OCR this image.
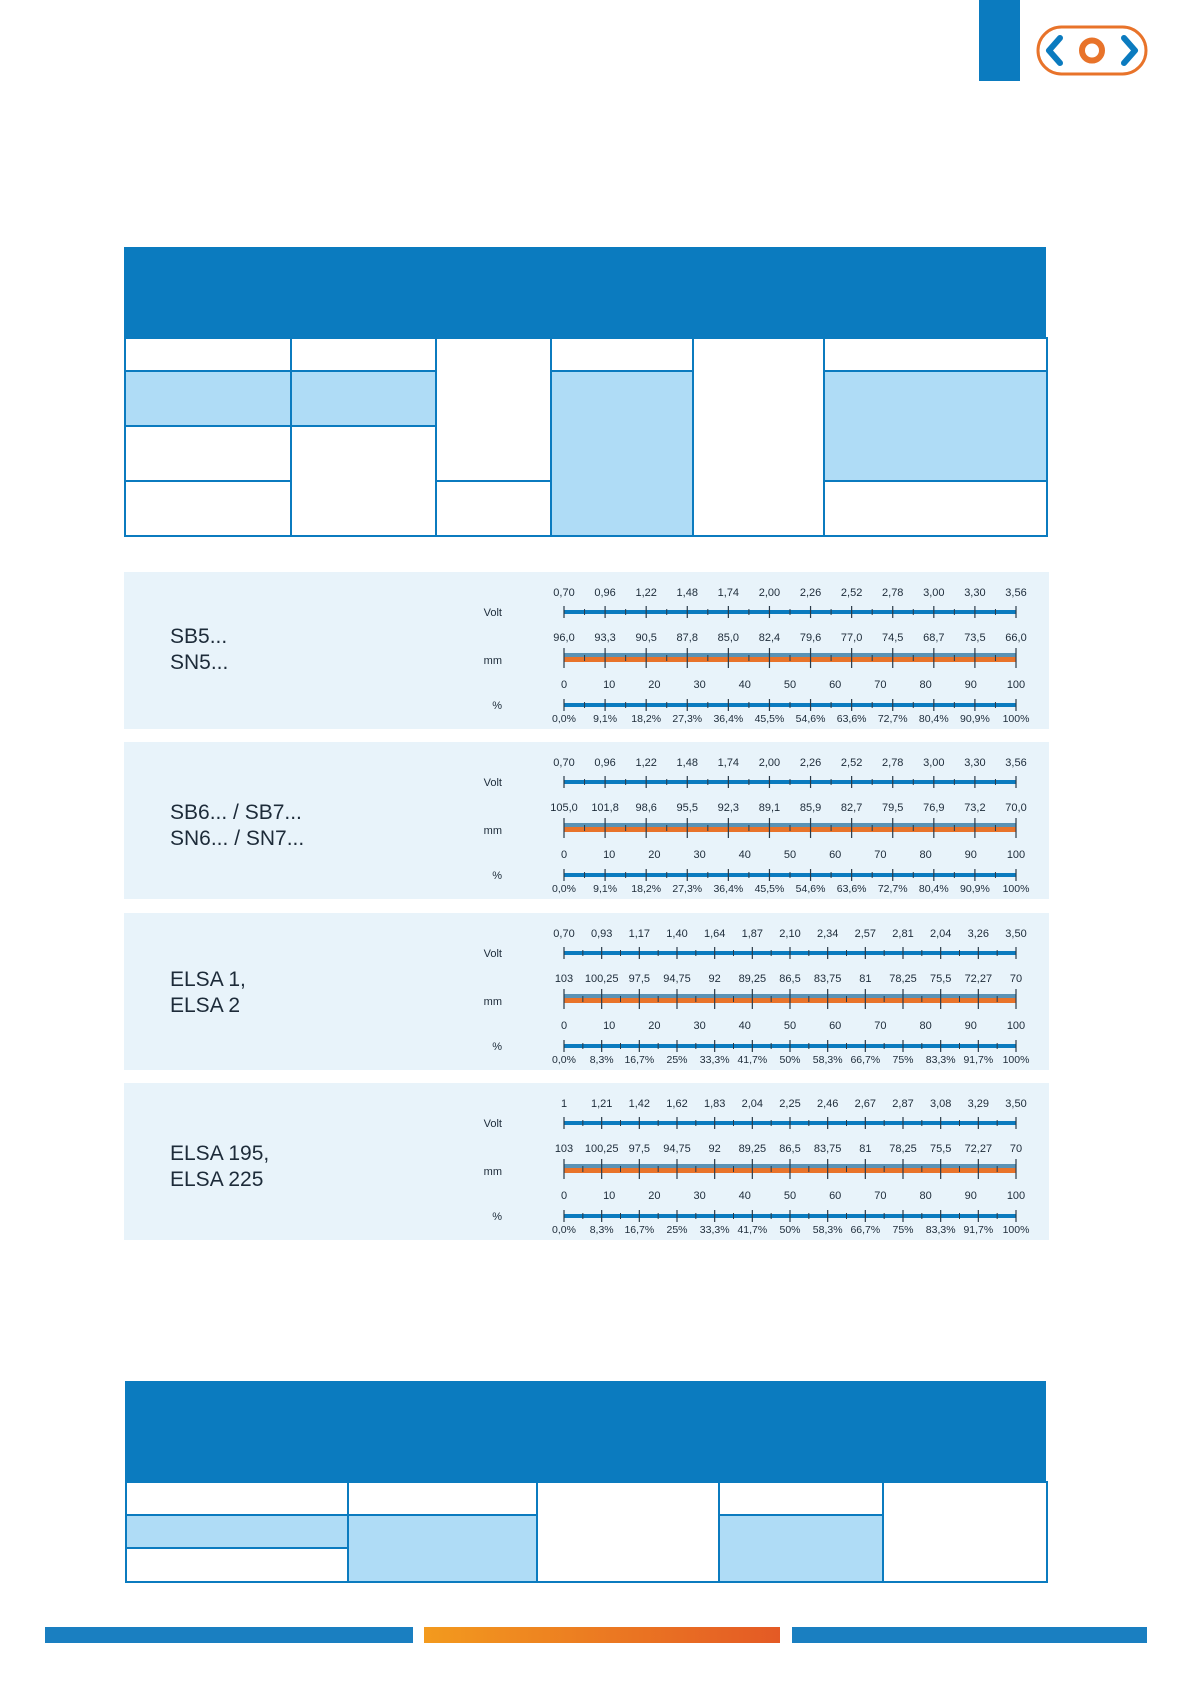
SB5...
SN5...
Volt
mm
%
0,70 0,96 1,22 1,48 1,74 2,00 2,26 2,52 2,78 3,00 3,30 3,56
96,0 93,3 90,5 87,8 85,0 82,4 79,6 77,0 74,5 68,7 73,5 66,0
0	10	20	30	40	50	60	70	80	90	100
0,0% 9,1% 18,2% 27,3% 36,4% 45,5% 54,6% 63,6% 72,7% 80,4% 90,9% 100%
SB6... / SB7...
SN6... / SN7...
Volt
mm
%
0,70 0,96 1,22 1,48 1,74 2,00 2,26 2,52 2,78 3,00 3,30 3,56
105,0 101,8 98,6 95,5 92,3 89,1 85,9 82,7 79,5 76,9 73,2 70,0
0	10	20	30	40	50	60	70	80	90	100
0,0% 9,1% 18,2% 27,3% 36,4% 45,5% 54,6% 63,6% 72,7% 80,4% 90,9% 100%
ELSA 1,
ELSA 2
Volt
mm
%
0,70 0,93 1,17 1,40 1,64 1,87 2,10 2,34 2,57 2,81 2,04 3,26 3,50
103 100,25 97,5 94,75 92 89,25 86,5 83,75 81 78,25 75,5 72,27 70
0	10	20	30	40	50	60	70	80	90	100
0,0% 8,3% 16,7% 25% 33,3% 41,7% 50% 58,3% 66,7% 75% 83,3% 91,7% 100%
ELSA 195,
ELSA 225
Volt
mm
%
1 1,21 1,42 1,62 1,83 2,04 2,25 2,46 2,67 2,87 3,08 3,29 3,50
103 100,25 97,5 94,75 92 89,25 86,5 83,75 81 78,25 75,5 72,27 70
0	10	20	30	40	50	60	70	80	90	100
0,0% 8,3% 16,7% 25% 33,3% 41,7% 50% 58,3% 66,7% 75% 83,3% 91,7% 100%
